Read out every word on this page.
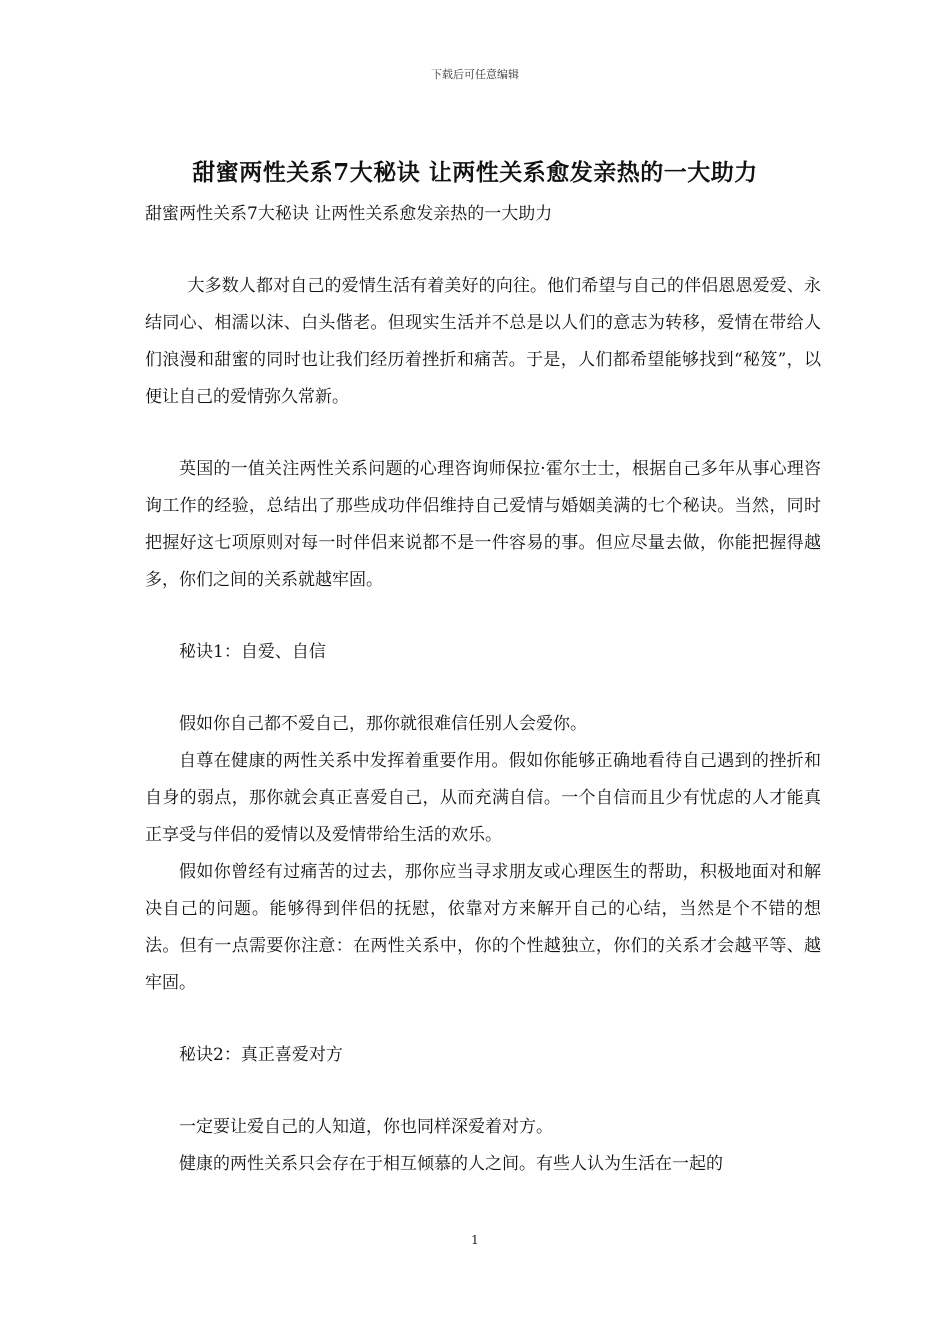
下载后可任意编辑
甜蜜两性关系7大秘诀 让两性关系愈发亲热的一大助力

甜蜜两性关系7大秘诀 让两性关系愈发亲热的一大助力

大多数人都对自己的爱情生活有着美好的向往。他们希望与自己的伴侣恩恩爱爱、永结同心、相濡以沫、白头偕老。但现实生活并不总是以人们的意志为转移，爱情在带给人们浪漫和甜蜜的同时也让我们经历着挫折和痛苦。于是，人们都希望能够找到“秘笈”，以便让自己的爱情弥久常新。

英国的一值关注两性关系问题的心理咨询师保拉·霍尔士士，根据自己多年从事心理咨询工作的经验，总结出了那些成功伴侣维持自己爱情与婚姻美满的七个秘诀。当然，同时把握好这七项原则对每一时伴侣来说都不是一件容易的事。但应尽量去做，你能把握得越多，你们之间的关系就越牢固。

秘诀1：自爱、自信

假如你自己都不爱自己，那你就很难信任别人会爱你。

自尊在健康的两性关系中发挥着重要作用。假如你能够正确地看待自己遇到的挫折和自身的弱点，那你就会真正喜爱自己，从而充满自信。一个自信而且少有忧虑的人才能真正享受与伴侣的爱情以及爱情带给生活的欢乐。

假如你曾经有过痛苦的过去，那你应当寻求朋友或心理医生的帮助，积极地面对和解决自己的问题。能够得到伴侣的抚慰，依靠对方来解开自己的心结，当然是个不错的想法。但有一点需要你注意：在两性关系中，你的个性越独立，你们的关系才会越平等、越牢固。

秘诀2：真正喜爱对方

一定要让爱自己的人知道，你也同样深爱着对方。

健康的两性关系只会存在于相互倾慕的人之间。有些人认为生活在一起的

1
